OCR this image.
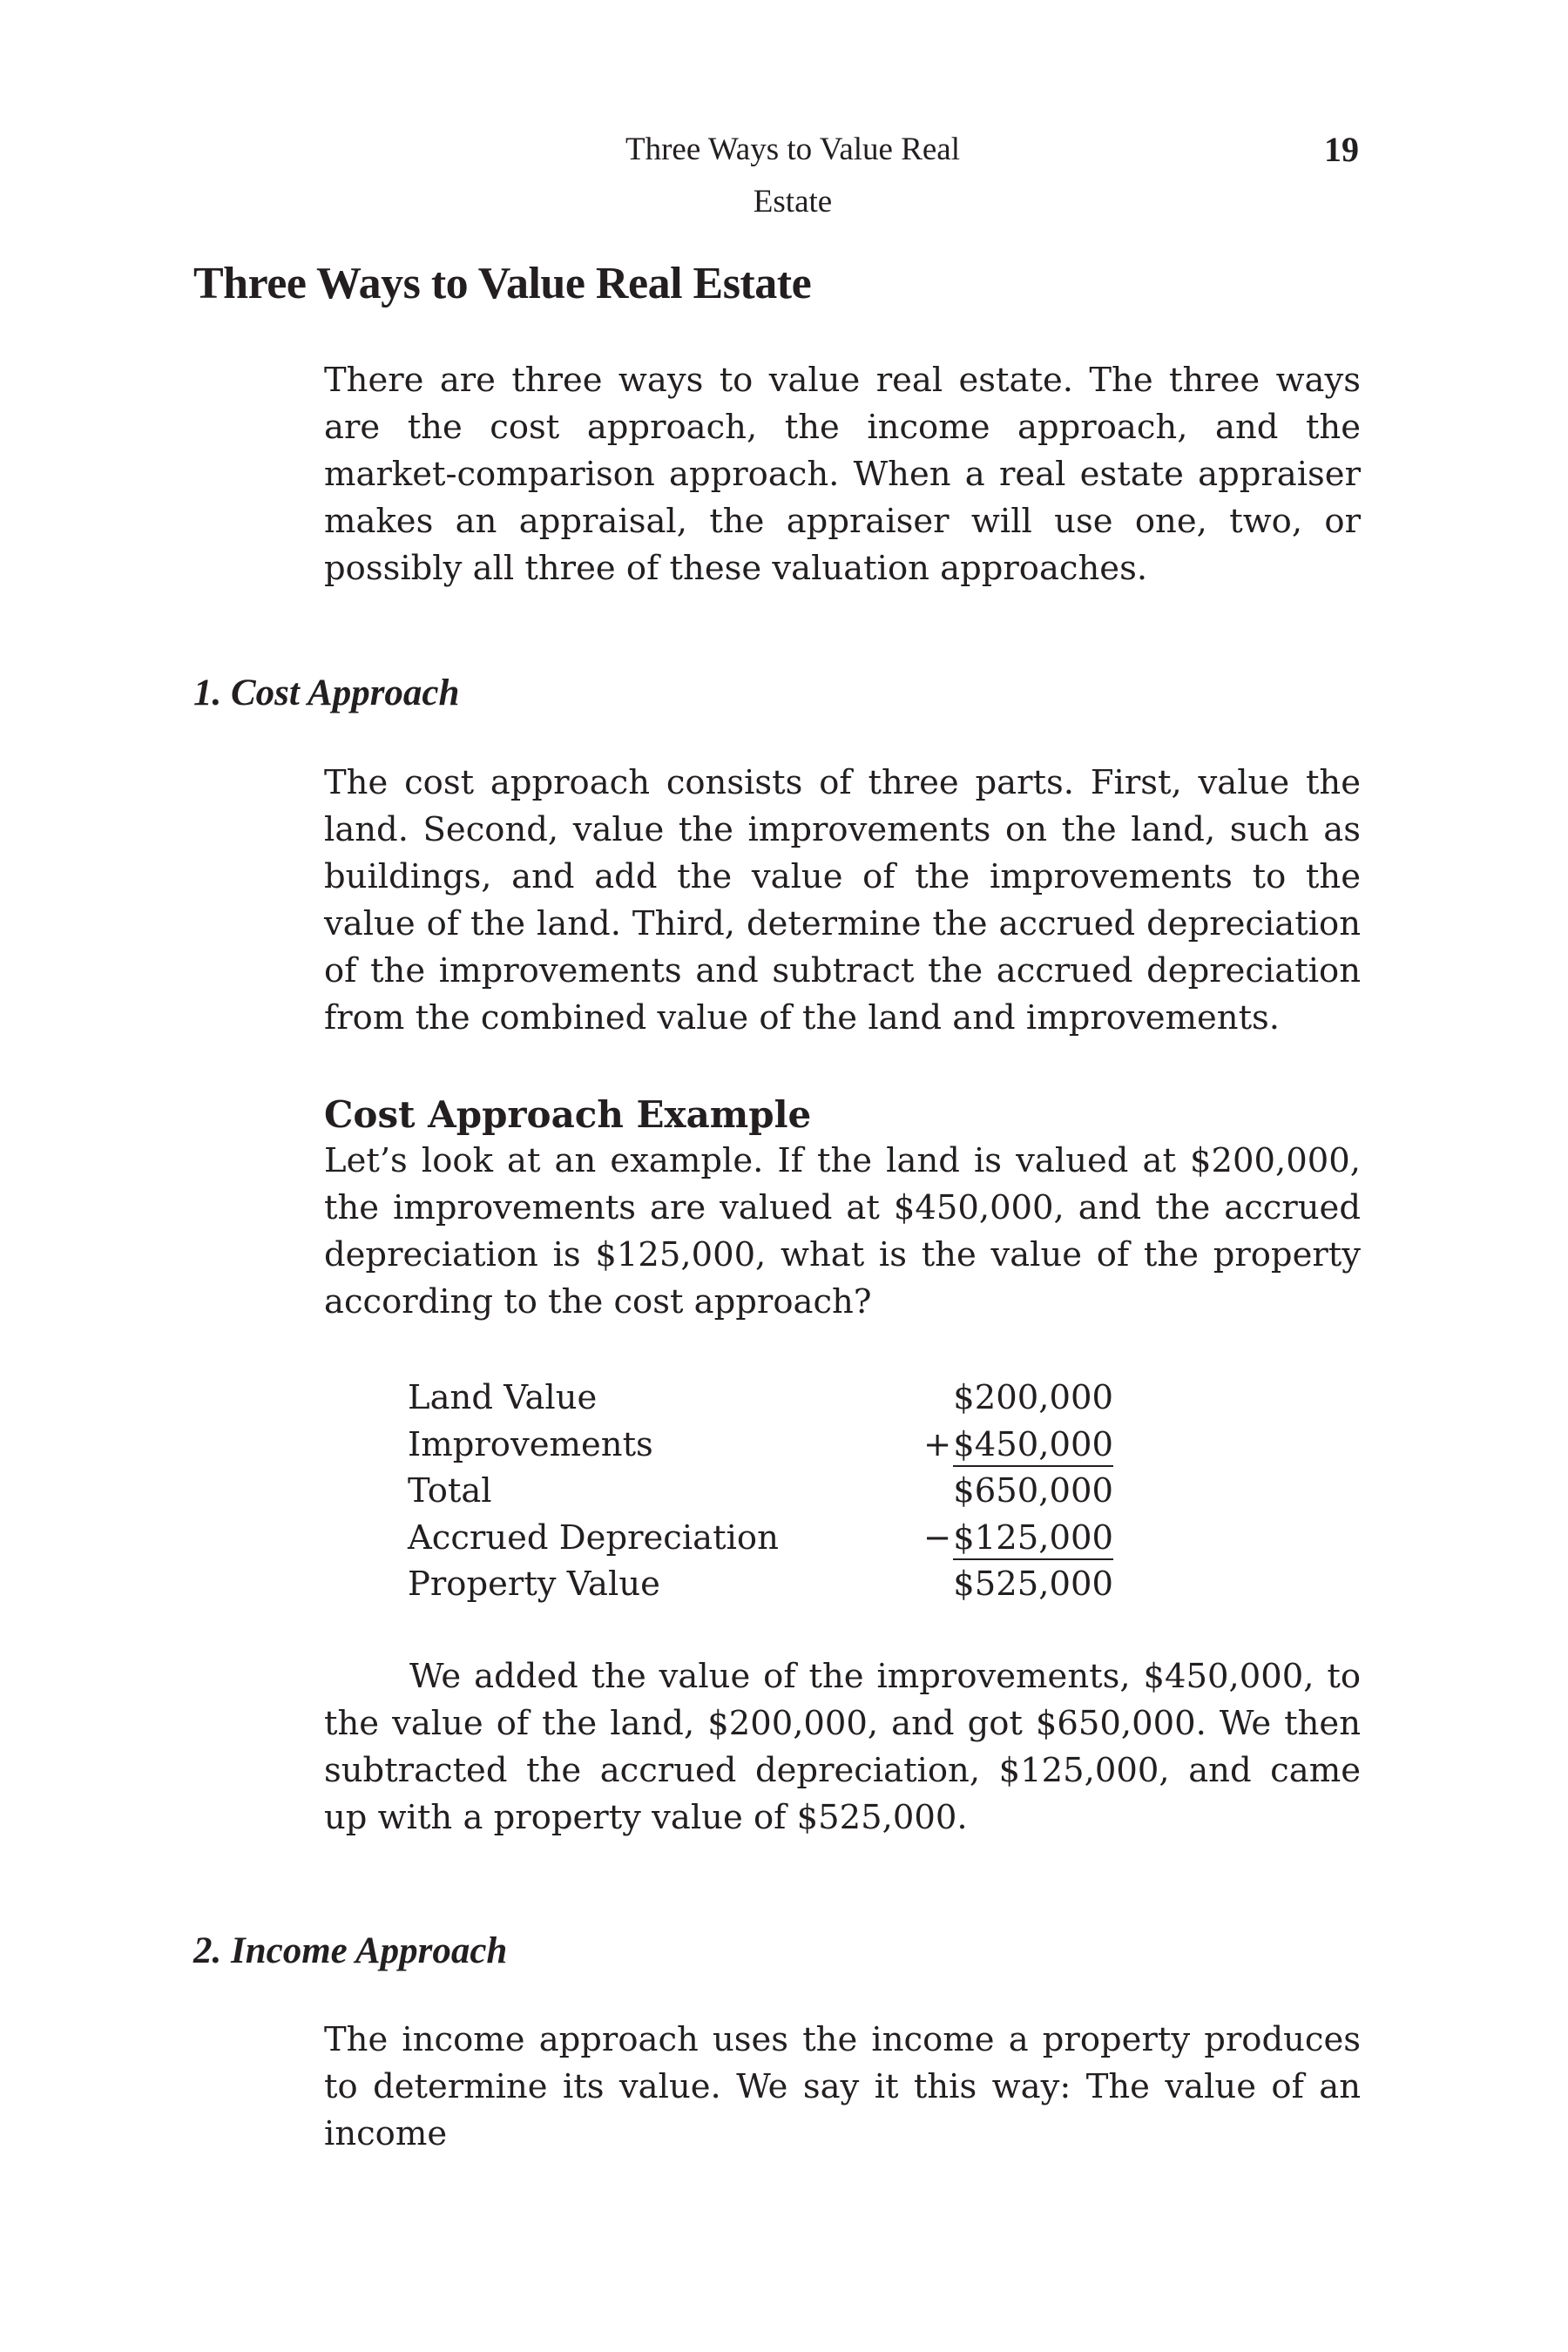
Three Ways to Value Real Estate
19
Three Ways to Value Real Estate

There are three ways to value real estate. The three ways are the cost approach, the income approach, and the market-comparison approach. When a real estate appraiser makes an appraisal, the appraiser will use one, two, or possibly all three of these valuation approaches.

1. Cost Approach

The cost approach consists of three parts. First, value the land. Second, value the improvements on the land, such as buildings, and add the value of the improvements to the value of the land. Third, determine the accrued depreciation of the improvements and subtract the accrued depreciation from the combined value of the land and improvements.

Cost Approach Example

Let’s look at an example. If the land is valued at $200,000, the improvements are valued at $450,000, and the accrued depreciation is $125,000, what is the value of the property according to the cost approach?

Land Value	$200,000
Improvements	+$450,000
Total	$650,000
Accrued Depreciation	−$125,000
Property Value	$525,000

We added the value of the improvements, $450,000, to the value of the land, $200,000, and got $650,000. We then subtracted the accrued depreciation, $125,000, and came up with a property value of $525,000.

2. Income Approach

The income approach uses the income a property produces to determine its value. We say it this way: The value of an income
